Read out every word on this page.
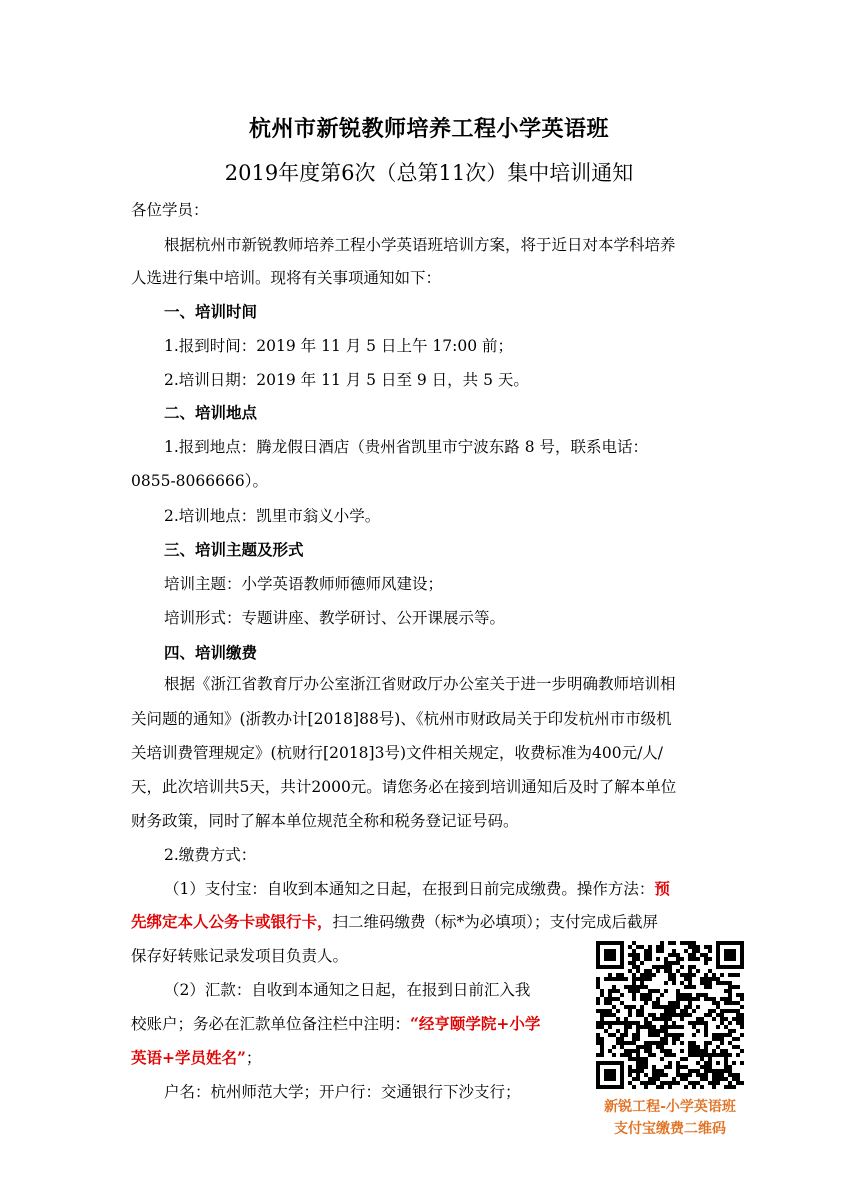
杭州市新锐教师培养工程小学英语班
2019年度第6次（总第11次）集中培训通知
各位学员：
根据杭州市新锐教师培养工程小学英语班培训方案，将于近日对本学科培养
人选进行集中培训。现将有关事项通知如下：
一、培训时间
1.报到时间：2019 年 11 月 5 日上午 17:00 前；
2.培训日期：2019 年 11 月 5 日至 9 日，共 5 天。
二、培训地点
1.报到地点：腾龙假日酒店（贵州省凯里市宁波东路 8 号，联系电话：
0855-8066666）。
2.培训地点：凯里市翁义小学。
三、培训主题及形式
培训主题：小学英语教师师德师风建设；
培训形式：专题讲座、教学研讨、公开课展示等。
四、培训缴费
根据《浙江省教育厅办公室浙江省财政厅办公室关于进一步明确教师培训相
关问题的通知》(浙教办计[2018]88号)、《杭州市财政局关于印发杭州市市级机
关培训费管理规定》(杭财行[2018]3号)文件相关规定，收费标准为400元/人/
天，此次培训共5天，共计2000元。请您务必在接到培训通知后及时了解本单位
财务政策，同时了解本单位规范全称和税务登记证号码。
2.缴费方式：
（1）支付宝：自收到本通知之日起，在报到日前完成缴费。操作方法：预
先绑定本人公务卡或银行卡，扫二维码缴费（标*为必填项）；支付完成后截屏
保存好转账记录发项目负责人。
（2）汇款：自收到本通知之日起，在报到日前汇入我
校账户；务必在汇款单位备注栏中注明：“经亨颐学院+小学
英语+学员姓名”；
户名：杭州师范大学；开户行：交通银行下沙支行；
新锐工程-小学英语班
支付宝缴费二维码
